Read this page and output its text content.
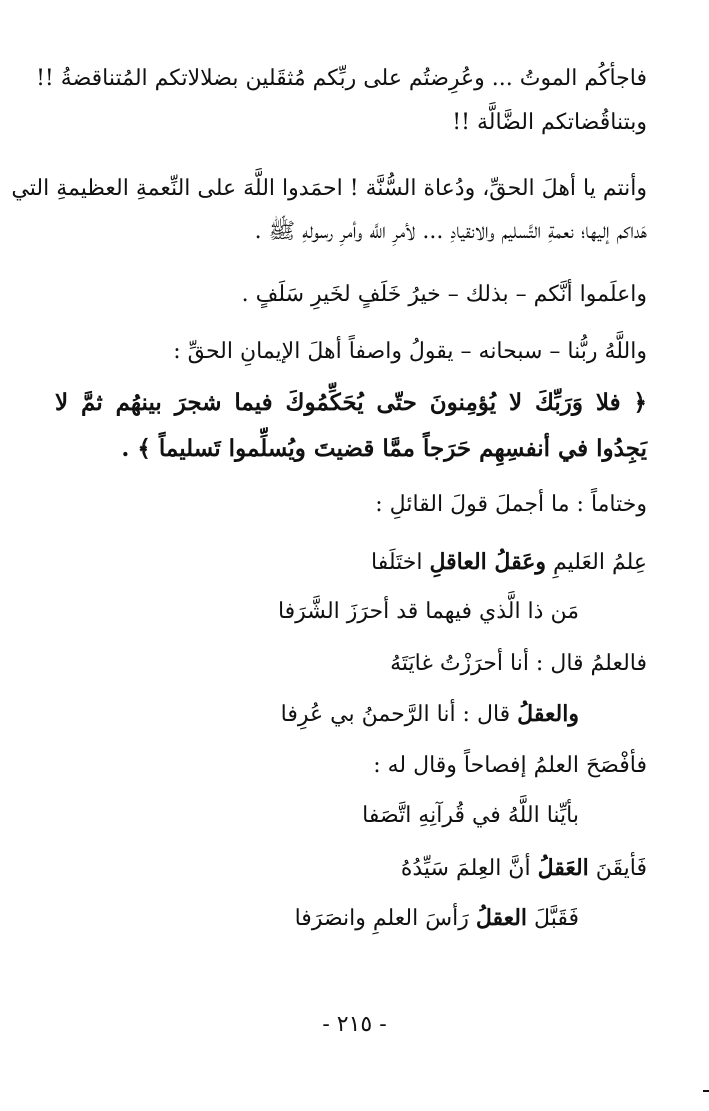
فاجأكُم الموتُ ... وعُرِضتُم على ربِّكم مُثقَلين بضلالاتكم المُتناقضةُ !!
وبتناقُضاتكم الضَّالَّة !!
وأنتم يا أهلَ الحقِّ، ودُعاة السُّنَّة ! احمَدوا اللَّهَ على النِّعمةِ العظيمةِ التي
هَداكم إليها؛ نعمةِ التَّسليم والانقيادِ ... لأمرِ اللَّه وأمرِ رسولهِ ﷺ .
واعلَموا أنَّكم – بذلك – خيرُ خَلَفٍ لخَيرِ سَلَفٍ .
واللَّهُ ربُّنا – سبحانه – يقولُ واصفاً أهلَ الإيمانِ الحقِّ :
﴿ فلا وَرَبِّكَ لا يُؤمِنونَ حتّى يُحَكِّمُوكَ فيما شجرَ بينهُم ثمَّ لا
يَجِدُوا في أنفسِهِم حَرَجاً ممَّا قضيتَ ويُسلِّموا تَسليماً ﴾ .
وختاماً : ما أجملَ قولَ القائلِ :
عِلمُ العَليمِ وعَقلُ العاقلِ اختَلَفا
مَن ذا الَّذي فيهما قد أحرَزَ الشَّرَفا
فالعلمُ قال : أنا أحرَزْتُ غايَتَهُ
والعقلُ قال : أنا الرَّحمنُ بي عُرِفا
فأفْصَحَ العلمُ إفصاحاً وقال له :
بأيِّنا اللَّهُ في قُرآنِهِ اتَّصَفا
فَأيقَنَ العَقلُ أنَّ العِلمَ سَيِّدُهُ
فَقَبَّلَ العقلُ رَأسَ العلمِ وانصَرَفا
- ٢١٥ -
